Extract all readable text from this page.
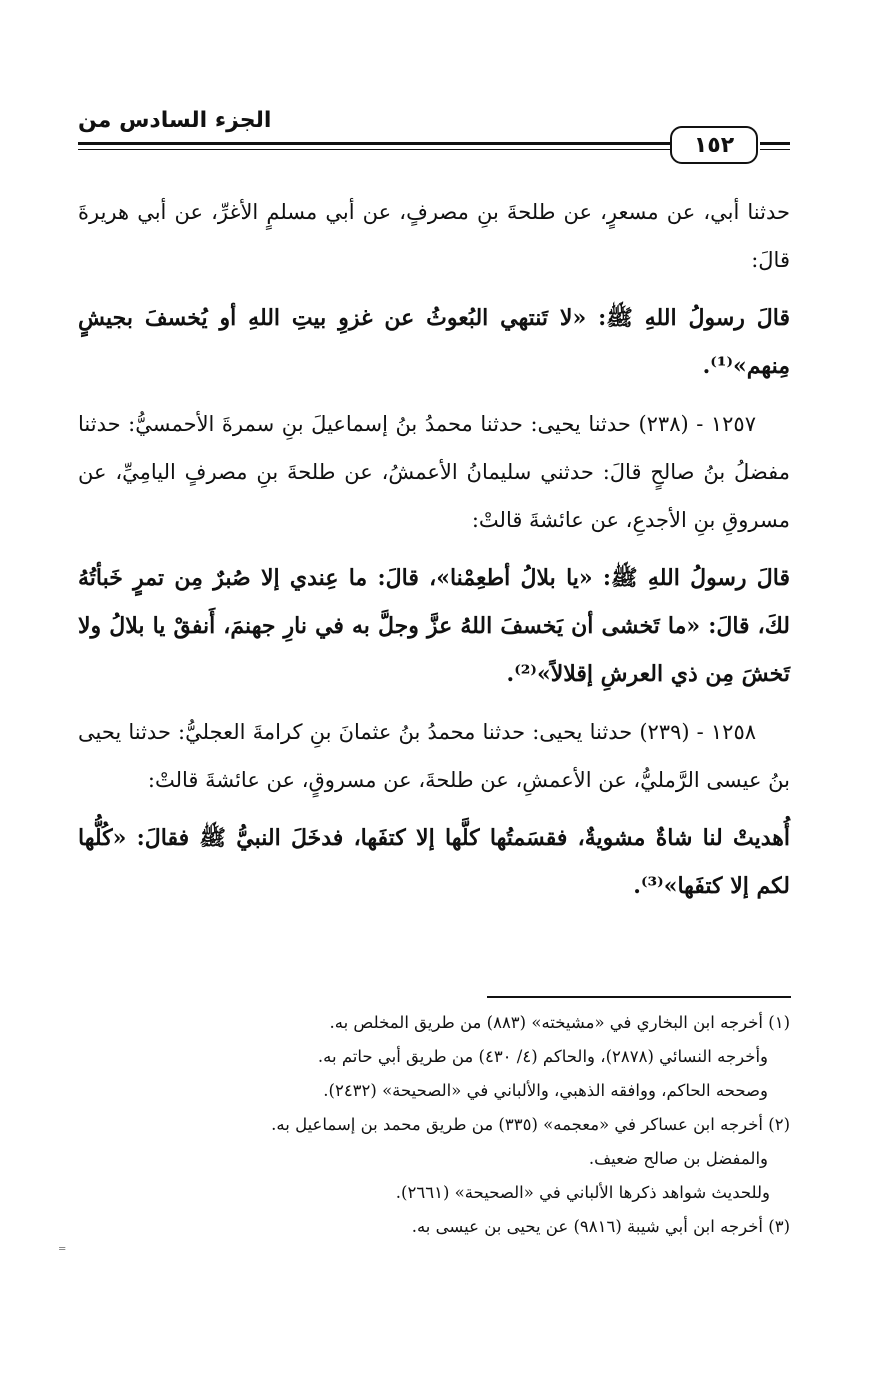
الجزء السادس من
١٥٢

حدثنا أبي، عن مسعرٍ، عن طلحةَ بنِ مصرفٍ، عن أبي مسلمٍ الأغرِّ، عن أبي هريرةَ قالَ:

قالَ رسولُ اللهِ ﷺ: «لا تَنتهي البُعوثُ عن غزوِ بيتِ اللهِ أو يُخسفَ بجيشٍ مِنهم»⁽¹⁾.

١٢٥٧ - (٢٣٨) حدثنا يحيى: حدثنا محمدُ بنُ إسماعيلَ بنِ سمرةَ الأحمسيُّ: حدثنا مفضلُ بنُ صالحٍ قالَ: حدثني سليمانُ الأعمشُ، عن طلحةَ بنِ مصرفٍ اليامِيِّ، عن مسروقِ بنِ الأجدعِ، عن عائشةَ قالتْ:

قالَ رسولُ اللهِ ﷺ: «يا بلالُ أطعِمْنا»، قالَ: ما عِندي إلا صُبرٌ مِن تمرٍ خَبأتُهُ لكَ، قالَ: «ما تَخشى أن يَخسفَ اللهُ عزَّ وجلَّ به في نارِ جهنمَ، أَنفقْ يا بلالُ ولا تَخشَ مِن ذي العرشِ إقلالاً»⁽²⁾.

١٢٥٨ - (٢٣٩) حدثنا يحيى: حدثنا محمدُ بنُ عثمانَ بنِ كرامةَ العجليُّ: حدثنا يحيى بنُ عيسى الرَّمليُّ، عن الأعمشِ، عن طلحةَ، عن مسروقٍ، عن عائشةَ قالتْ:

أُهديتْ لنا شاةٌ مشويةٌ، فقسَمتُها كلَّها إلا كتفَها، فدخَلَ النبيُّ ﷺ فقالَ: «كُلُّها لكم إلا كتفَها»⁽³⁾.

(١) أخرجه ابن البخاري في «مشيخته» (٨٨٣) من طريق المخلص به.
وأخرجه النسائي (٢٨٧٨)، والحاكم (٤/ ٤٣٠) من طريق أبي حاتم به.
وصححه الحاكم، ووافقه الذهبي، والألباني في «الصحيحة» (٢٤٣٢).
(٢) أخرجه ابن عساكر في «معجمه» (٣٣٥) من طريق محمد بن إسماعيل به.
والمفضل بن صالح ضعيف.
وللحديث شواهد ذكرها الألباني في «الصحيحة» (٢٦٦١).
(٣) أخرجه ابن أبي شيبة (٩٨١٦) عن يحيى بن عيسى به.
=
